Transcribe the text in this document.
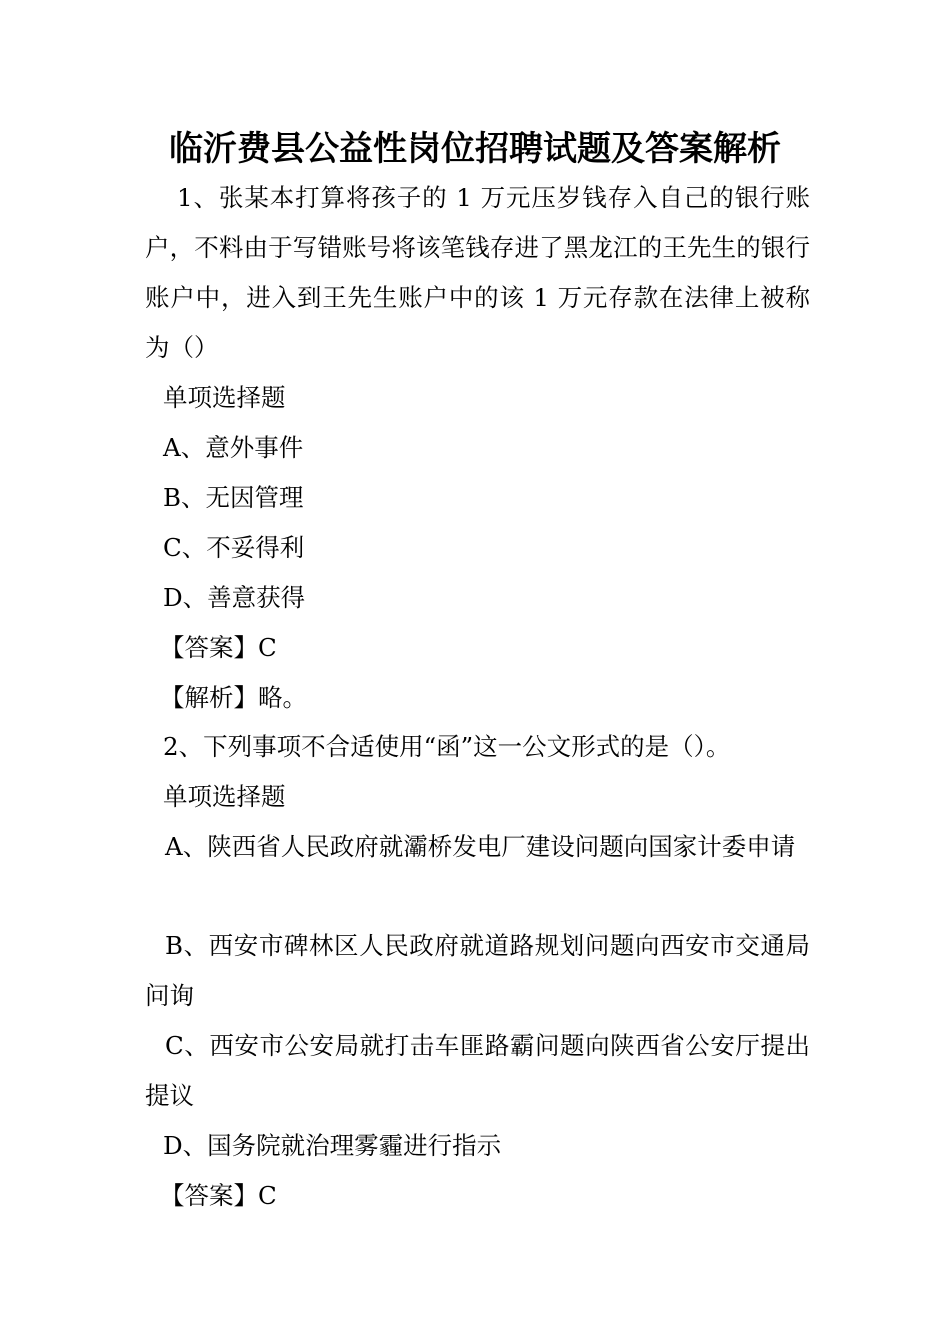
临沂费县公益性岗位招聘试题及答案解析
1、张某本打算将孩子的 1 万元压岁钱存入自己的银行账户，不料由于写错账号将该笔钱存进了黑龙江的王先生的银行账户中，进入到王先生账户中的该 1 万元存款在法律上被称为（）
单项选择题
A、意外事件
B、无因管理
C、不妥得利
D、善意获得
【答案】C
【解析】略。
2、下列事项不合适使用“函”这一公文形式的是（）。
单项选择题
A、陕西省人民政府就灞桥发电厂建设问题向国家计委申请
B、西安市碑林区人民政府就道路规划问题向西安市交通局问询
C、西安市公安局就打击车匪路霸问题向陕西省公安厅提出提议
D、国务院就治理雾霾进行指示
【答案】C
